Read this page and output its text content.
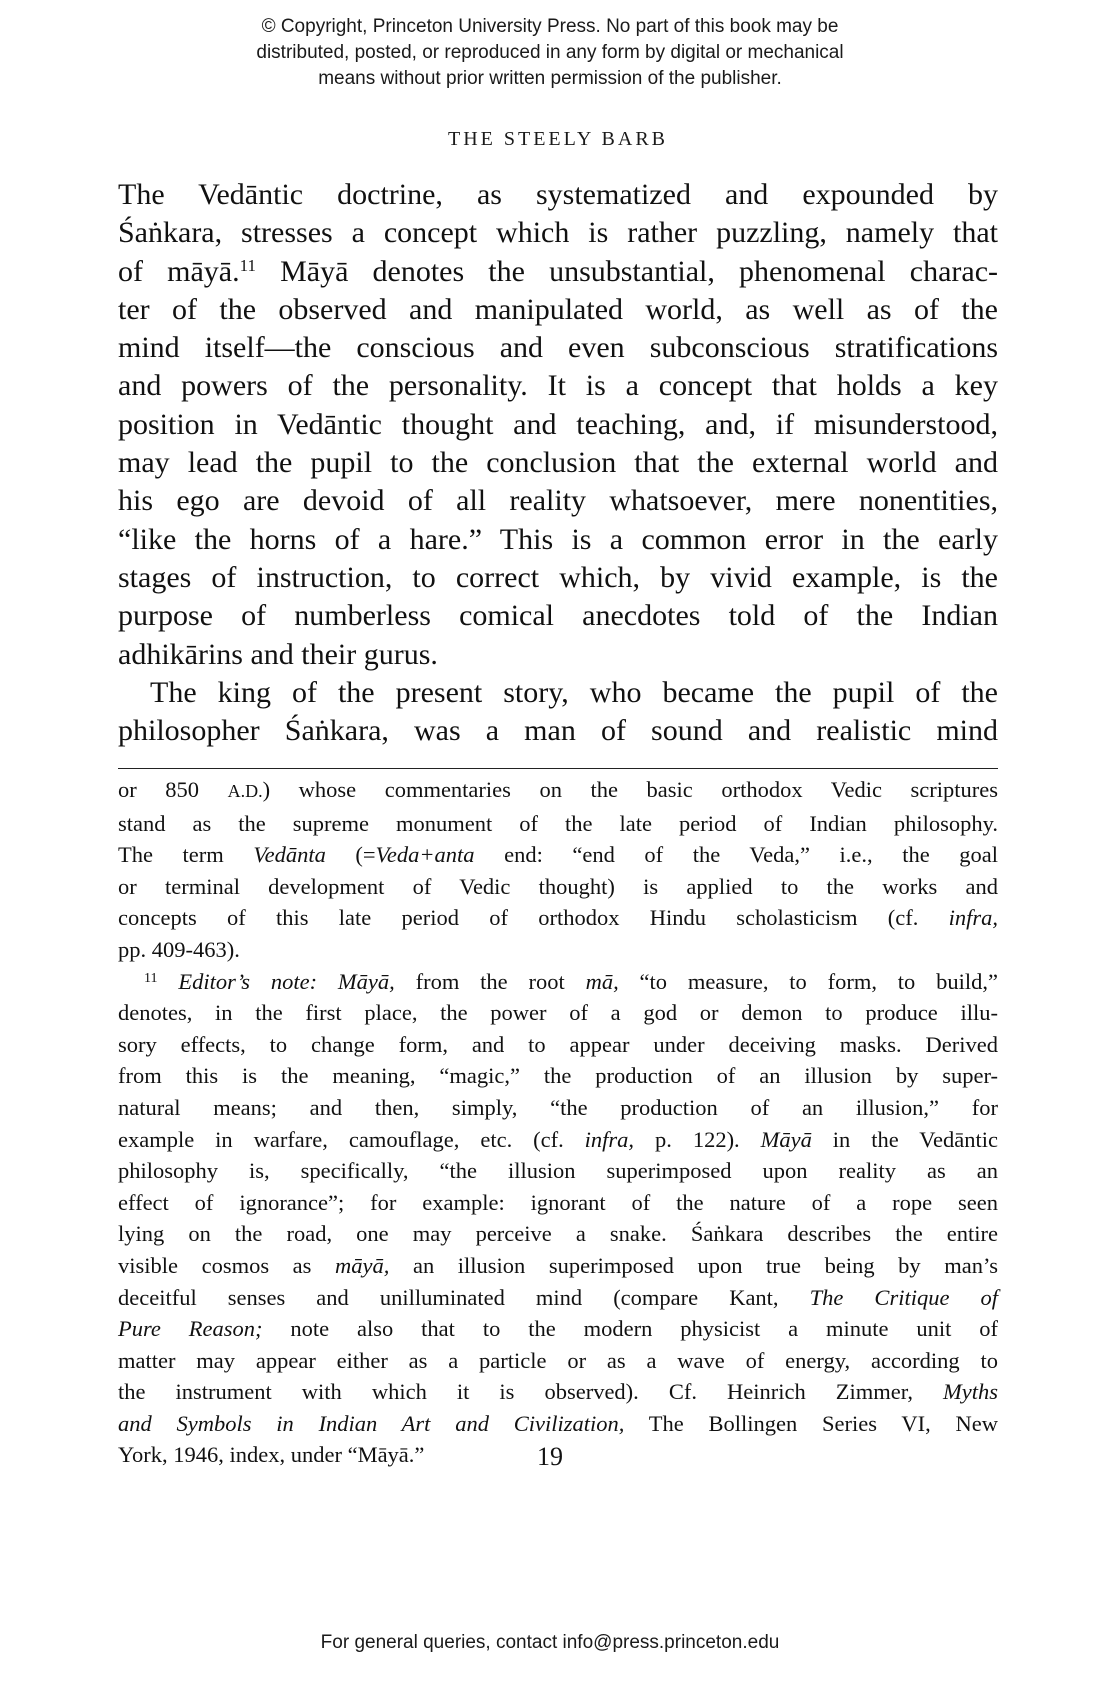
© Copyright, Princeton University Press. No part of this book may be
distributed, posted, or reproduced in any form by digital or mechanical
means without prior written permission of the publisher.
THE STEELY BARB
The Vedāntic doctrine, as systematized and expounded by
Śaṅkara, stresses a concept which is rather puzzling, namely that
of māyā.$^{11}$ Māyā denotes the unsubstantial, phenomenal charac-
ter of the observed and manipulated world, as well as of the
mind itself—the conscious and even subconscious stratifications
and powers of the personality. It is a concept that holds a key
position in Vedāntic thought and teaching, and, if misunderstood,
may lead the pupil to the conclusion that the external world and
his ego are devoid of all reality whatsoever, mere nonentities,
“like the horns of a hare.” This is a common error in the early
stages of instruction, to correct which, by vivid example, is the
purpose of numberless comical anecdotes told of the Indian
adhikārins and their gurus.
The king of the present story, who became the pupil of the
philosopher Śaṅkara, was a man of sound and realistic mind
or 850 A.D.) whose commentaries on the basic orthodox Vedic scriptures
stand as the supreme monument of the late period of Indian philosophy.
The term Vedānta (=Veda+anta end: “end of the Veda,” i.e., the goal
or terminal development of Vedic thought) is applied to the works and
concepts of this late period of orthodox Hindu scholasticism (cf. infra,
pp. 409-463).
$^{11}$ Editor’s note: Māyā, from the root mā, “to measure, to form, to build,”
denotes, in the first place, the power of a god or demon to produce illu-
sory effects, to change form, and to appear under deceiving masks. Derived
from this is the meaning, “magic,” the production of an illusion by super-
natural means; and then, simply, “the production of an illusion,” for
example in warfare, camouflage, etc. (cf. infra, p. 122). Māyā in the Vedāntic
philosophy is, specifically, “the illusion superimposed upon reality as an
effect of ignorance”; for example: ignorant of the nature of a rope seen
lying on the road, one may perceive a snake. Śaṅkara describes the entire
visible cosmos as māyā, an illusion superimposed upon true being by man’s
deceitful senses and unilluminated mind (compare Kant, The Critique of
Pure Reason; note also that to the modern physicist a minute unit of
matter may appear either as a particle or as a wave of energy, according to
the instrument with which it is observed). Cf. Heinrich Zimmer, Myths
and Symbols in Indian Art and Civilization, The Bollingen Series VI, New
York, 1946, index, under “Māyā.”	19
For general queries, contact info@press.princeton.edu
